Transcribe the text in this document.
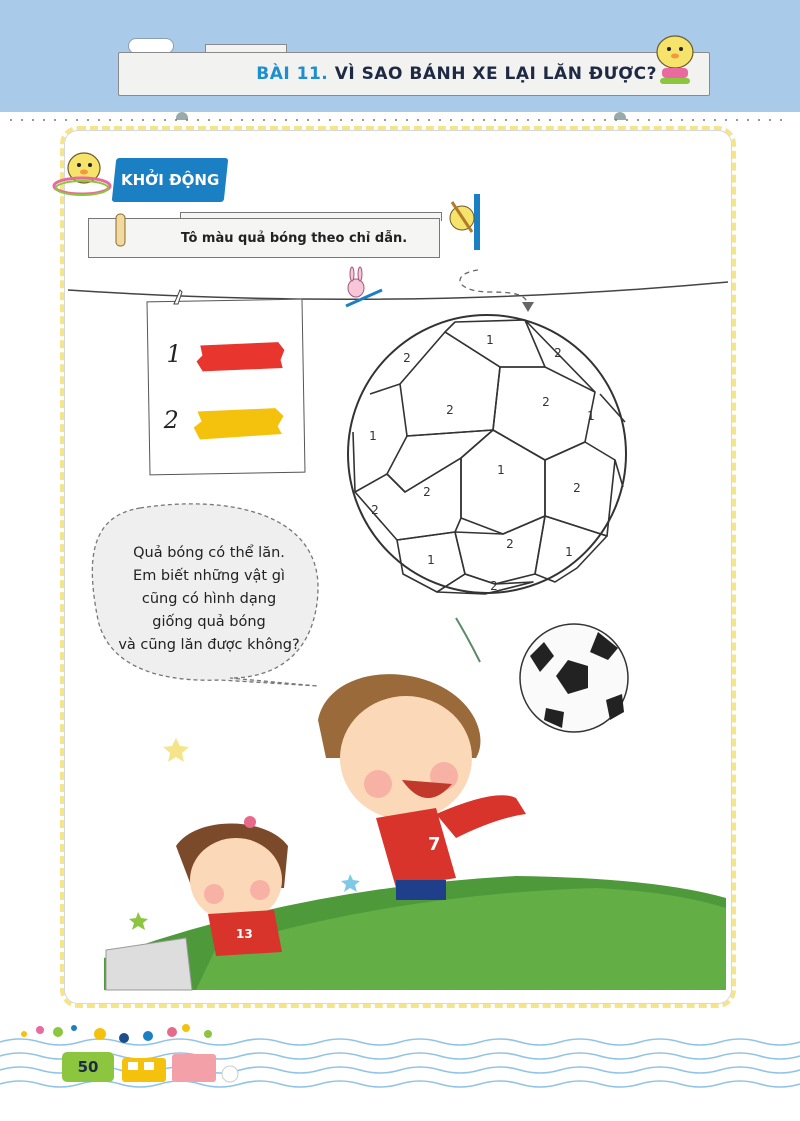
BÀI 11. VÌ SAO BÁNH XE LẠI LĂN ĐƯỢC?
KHỞI ĐỘNG
Tô màu quả bóng theo chỉ dẫn.
1
2
1
2	2
2
2
1
1
2
1
2
2
2
1
1
2
Quả bóng có thể lăn.
Em biết những vật gì
cũng có hình dạng
giống quả bóng
và cũng lăn được không?
7
13
50
